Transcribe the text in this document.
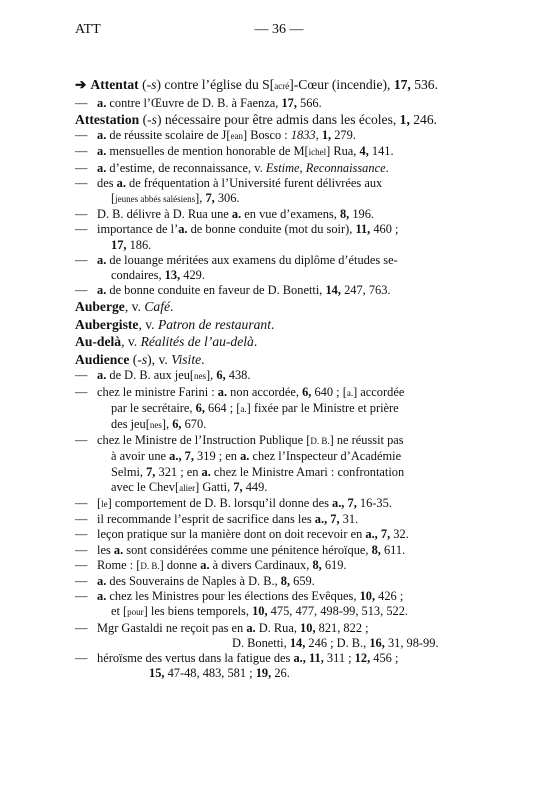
ATT	— 36 —
➔ Attentat (-s) contre l’église du S[acré]-Cœur (incendie), 17, 536.
— a. contre l’Œuvre de D. B. à Faenza, 17, 566.
Attestation (-s) nécessaire pour être admis dans les écoles, 1, 246.
— a. de réussite scolaire de J[ean] Bosco : 1833, 1, 279.
— a. mensuelles de mention honorable de M[ichel] Rua, 4, 141.
— a. d’estime, de reconnaissance, v. Estime, Reconnaissance.
— des a. de fréquentation à l’Université furent délivrées aux
[jeunes abbés salésiens], 7, 306.
— D. B. délivre à D. Rua une a. en vue d’examens, 8, 196.
— importance de l’a. de bonne conduite (mot du soir), 11, 460 ;
17, 186.
— a. de louange méritées aux examens du diplôme d’études se-
condaires, 13, 429.
— a. de bonne conduite en faveur de D. Bonetti, 14, 247, 763.
Auberge, v. Café.
Aubergiste, v. Patron de restaurant.
Au-delà, v. Réalités de l’au-delà.
Audience (-s), v. Visite.
— a. de D. B. aux jeu[nes], 6, 438.
— chez le ministre Farini : a. non accordée, 6, 640 ; [a.] accordée
par le secrétaire, 6, 664 ; [a.] fixée par le Ministre et prière
des jeu[nes], 6, 670.
— chez le Ministre de l’Instruction Publique [D. B.] ne réussit pas
à avoir une a., 7, 319 ; en a. chez l’Inspecteur d’Académie
Selmi, 7, 321 ; en a. chez le Ministre Amari : confrontation
avec le Chev[alier] Gatti, 7, 449.
— [le] comportement de D. B. lorsqu’il donne des a., 7, 16-35.
— il recommande l’esprit de sacrifice dans les a., 7, 31.
— leçon pratique sur la manière dont on doit recevoir en a., 7, 32.
— les a. sont considérées comme une pénitence héroïque, 8, 611.
— Rome : [D. B.] donne a. à divers Cardinaux, 8, 619.
— a. des Souverains de Naples à D. B., 8, 659.
— a. chez les Ministres pour les élections des Evêques, 10, 426 ;
et [pour] les biens temporels, 10, 475, 477, 498-99, 513, 522.
— Mgr Gastaldi ne reçoit pas en a. D. Rua, 10, 821, 822 ;
D. Bonetti, 14, 246 ; D. B., 16, 31, 98-99.
— héroïsme des vertus dans la fatigue des a., 11, 311 ; 12, 456 ;
15, 47-48, 483, 581 ; 19, 26.
